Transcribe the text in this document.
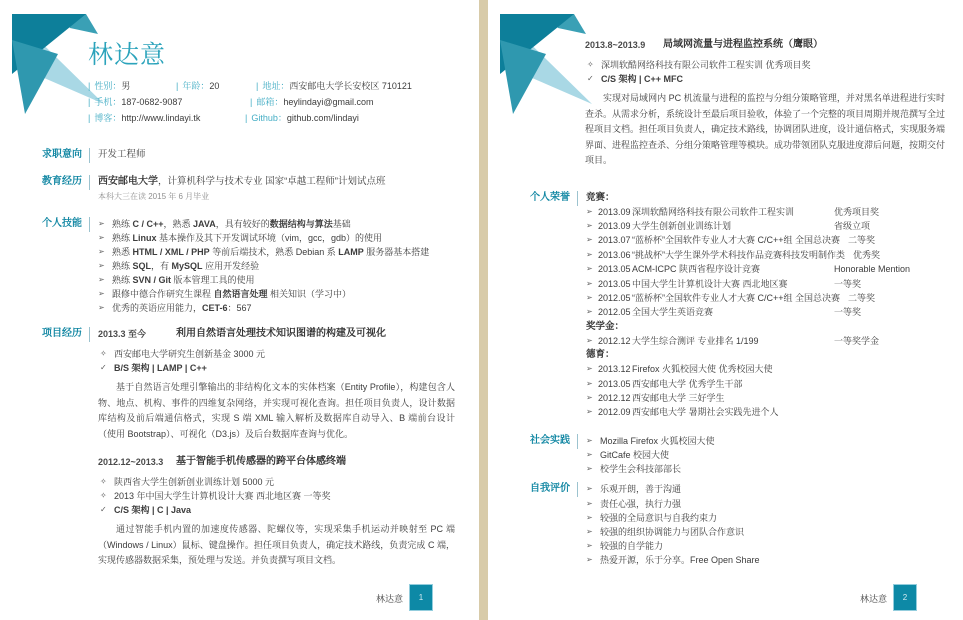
林达意
| 性别：男	| 年龄：20	| 地址：西安邮电大学长安校区 710121
| 手机：187-0682-9087	| 邮箱：heylindayi@gmail.com
| 博客：http://www.lindayi.tk	| Github：github.com/lindayi
求职意向 开发工程师
教育经历 西安邮电大学，计算机科学与技术专业 国家“卓越工程师”计划试点班
本科大三在读 2015 年 6 月毕业
个人技能 ➢ 熟练 C / C++，熟悉 JAVA，具有较好的数据结构与算法基础
➢ 熟练 Linux 基本操作及其下开发调试环境（vim，gcc，gdb）的使用
➢ 熟悉 HTML / XML / PHP 等前后端技术，熟悉 Debian 系 LAMP 服务器基本搭建
➢ 熟练 SQL，有 MySQL 应用开发经验
➢ 熟练 SVN / Git 版本管理工具的使用
➢ 跟修中德合作研究生课程 自然语言处理 相关知识（学习中）
➢ 优秀的英语应用能力，CET-6：567
项目经历 2013.3 至今	利用自然语言处理技术知识图谱的构建及可视化
✧ 西安邮电大学研究生创新基金 3000 元
✓ B/S 架构 | LAMP | C++

基于自然语言处理引擎输出的非结构化文本的实体档案（Entity Profile），构建包含人物、地点、机构、事件的四维复杂网络，并实现可视化查询。担任项目负责人，设计数据库结构及前后端通信格式，实现 S 端 XML 输入解析及数据库自动导入、B 端前台设计（使用 Bootstrap）、可视化（D3.js）及后台数据库查询与优化。

2012.12~2013.3	基于智能手机传感器的跨平台体感终端
✧ 陕西省大学生创新创业训练计划 5000 元
✧ 2013 年中国大学生计算机设计大赛 西北地区赛 一等奖
✓ C/S 架构 | C | Java

通过智能手机内置的加速度传感器、陀螺仪等，实现采集手机运动并映射至 PC 端（Windows / Linux）鼠标、键盘操作。担任项目负责人，确定技术路线，负责完成 C 端，实现传感器数据采集，预处理与发送。并负责撰写项目文档。

林达意	1
2013.8~2013.9	局域网流量与进程监控系统（鹰眼）
✧ 深圳软酷网络科技有限公司软件工程实训 优秀项目奖
✓ C/S 架构 | C++ MFC

实现对局域网内 PC 机流量与进程的监控与分组分策略管理，并对黑名单进程进行实时查杀。从需求分析，系统设计至最后项目验收，体验了一个完整的项目周期并规范撰写全过程项目文档。担任项目负责人，确定技术路线，协调团队进度，设计通信格式，实现服务端界面、进程监控查杀、分组分策略管理等模块。成功带领团队克服进度滞后问题，按期交付项目。

个人荣誉 竞赛：
➢ 2013.09 深圳软酷网络科技有限公司软件工程实训	优秀项目奖
➢ 2013.09 大学生创新创业训练计划	省级立项
➢ 2013.07 “蓝桥杯”全国软件专业人才大赛 C/C++组 全国总决赛 二等奖
➢ 2013.06 “挑战杯”大学生课外学术科技作品竞赛科技发明制作类 优秀奖
➢ 2013.05 ACM-ICPC 陕西省程序设计竞赛	Honorable Mention
➢ 2013.05 中国大学生计算机设计大赛 西北地区赛	一等奖
➢ 2012.05 “蓝桥杯”全国软件专业人才大赛 C/C++组 全国总决赛 二等奖
➢ 2012.05 全国大学生英语竞赛	一等奖
奖学金：
➢ 2012.12 大学生综合测评 专业排名 1/199	一等奖学金
德育：
➢ 2013.12 Firefox 火狐校园大使 优秀校园大使
➢ 2013.05 西安邮电大学 优秀学生干部
➢ 2012.12 西安邮电大学 三好学生
➢ 2012.09 西安邮电大学 暑期社会实践先进个人
社会实践 ➢ Mozilla Firefox 火狐校园大使
➢ GitCafe 校园大使
➢ 校学生会科技部部长
自我评价 ➢ 乐观开朗，善于沟通
➢ 责任心强，执行力强
➢ 较强的全局意识与自我约束力
➢ 较强的组织协调能力与团队合作意识
➢ 较强的自学能力
➢ 热爱开源，乐于分享。Free Open Share
林达意	2
